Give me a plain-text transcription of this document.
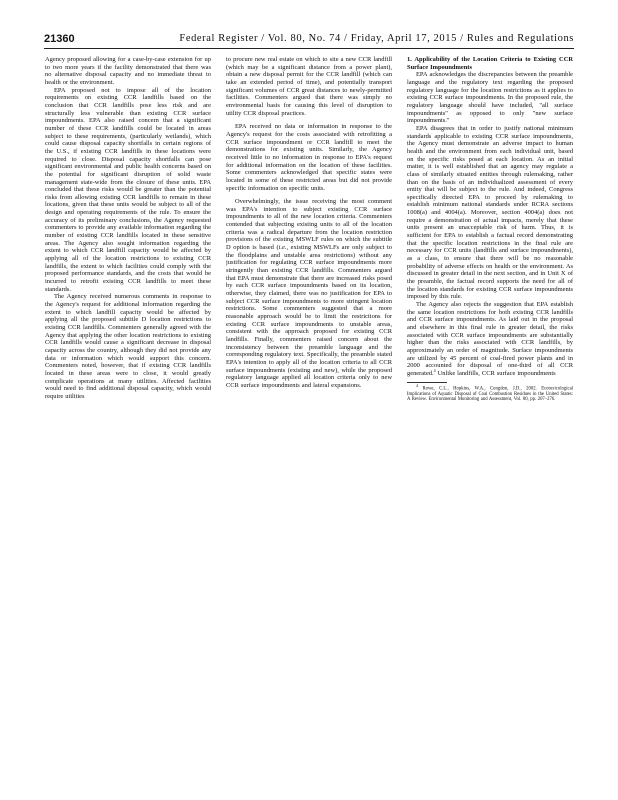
21360	Federal Register / Vol. 80, No. 74 / Friday, April 17, 2015 / Rules and Regulations

Agency proposed allowing for a case-by-case extension for up to two more years if the facility demonstrated that there was no alternative disposal capacity and no immediate threat to health or the environment.

EPA proposed not to impose all of the location requirements on existing CCR landfills based on the conclusion that CCR landfills pose less risk and are structurally less vulnerable than existing CCR surface impoundments. EPA also raised concern that a significant number of these CCR landfills could be located in areas subject to these requirements, (particularly wetlands), which could cause disposal capacity shortfalls in certain regions of the U.S., if existing CCR landfills in these locations were required to close. Disposal capacity shortfalls can pose significant environmental and public health concerns based on the potential for significant disruption of solid waste management state-wide from the closure of these units. EPA concluded that these risks would be greater than the potential risks from allowing existing CCR landfills to remain in these locations, given that these units would be subject to all of the design and operating requirements of the rule. To ensure the accuracy of its preliminary conclusions, the Agency requested commenters to provide any available information regarding the number of existing CCR landfills located in these sensitive areas. The Agency also sought information regarding the extent to which CCR landfill capacity would be affected by applying all of the location restrictions to existing CCR landfills, the extent to which facilities could comply with the proposed performance standards, and the costs that would be incurred to retrofit existing CCR landfills to meet these standards.

The Agency received numerous comments in response to the Agency's request for additional information regarding the extent to which landfill capacity would be affected by applying all the proposed subtitle D location restrictions to existing CCR landfills. Commenters generally agreed with the Agency that applying the other location restrictions to existing CCR landfills would cause a significant decrease in disposal capacity across the country, although they did not provide any data or information which would support this concern. Commenters noted, however, that if existing CCR landfills located in these areas were to close, it would greatly complicate operations at many utilities. Affected facilities would need to find additional disposal capacity, which would require utilities

to procure new real estate on which to site a new CCR landfill (which may be a significant distance from a power plant), obtain a new disposal permit for the CCR landfill (which can take an extended period of time), and potentially transport significant volumes of CCR great distances to newly-permitted facilities. Commenters argued that there was simply no environmental basis for causing this level of disruption to utility CCR disposal practices.

EPA received no data or information in response to the Agency's request for the costs associated with retrofitting a CCR surface impoundment or CCR landfill to meet the demonstrations for existing units. Similarly, the Agency received little to no information in response to EPA's request for additional information on the location of these facilities. Some commenters acknowledged that specific states were located in some of these restricted areas but did not provide specific information on specific units.

Overwhelmingly, the issue receiving the most comment was EPA's intention to subject existing CCR surface impoundments to all of the new location criteria. Commenters contended that subjecting existing units to all of the location criteria was a radical departure from the location restriction provisions of the existing MSWLF rules on which the subtitle D option is based (i.e., existing MSWLFs are only subject to the floodplains and unstable area restrictions) without any justification for regulating CCR surface impoundments more stringently than existing CCR landfills. Commenters argued that EPA must demonstrate that there are increased risks posed by each CCR surface impoundments based on its location, otherwise, they claimed, there was no justification for EPA to subject CCR surface impoundments to more stringent location restrictions. Some commenters suggested that a more reasonable approach would be to limit the restrictions for existing CCR surface impoundments to unstable areas, consistent with the approach proposed for existing CCR landfills. Finally, commenters raised concern about the inconsistency between the preamble language and the corresponding regulatory text. Specifically, the preamble stated EPA's intention to apply all of the location criteria to all CCR surface impoundments (existing and new), while the proposed regulatory language applied all location criteria only to new CCR surface impoundments and lateral expansions.

1. Applicability of the Location Criteria to Existing CCR Surface Impoundments

EPA acknowledges the discrepancies between the preamble language and the regulatory text regarding the proposed regulatory language for the location restrictions as it applies to existing CCR surface impoundments. In the proposed rule, the regulatory language should have included, "all surface impoundments" as opposed to only "new surface impoundments."

EPA disagrees that in order to justify national minimum standards applicable to existing CCR surface impoundments, the Agency must demonstrate an adverse impact to human health and the environment from each individual unit, based on the specific risks posed at each location. As an initial matter, it is well established that an agency may regulate a class of similarly situated entities through rulemaking, rather than on the basis of an individualized assessment of every entity that will be subject to the rule. And indeed, Congress specifically directed EPA to proceed by rulemaking to establish minimum national standards under RCRA sections 1008(a) and 4004(a). Moreover, section 4004(a) does not require a demonstration of actual impacts, merely that these units present an unacceptable risk of harm. Thus, it is sufficient for EPA to establish a factual record demonstrating that the specific location restrictions in the final rule are necessary for CCR units (landfills and surface impoundments), as a class, to ensure that there will be no reasonable probability of adverse effects on health or the environment. As discussed in greater detail in the next section, and in Unit X of the preamble, the factual record supports the need for all of the location standards for existing CCR surface impoundments imposed by this rule.

The Agency also rejects the suggestion that EPA establish the same location restrictions for both existing CCR landfills and CCR surface impoundments. As laid out in the proposal and elsewhere in this final rule in greater detail, the risks associated with CCR surface impoundments are substantially higher than the risks associated with CCR landfills, by approximately an order of magnitude. Surface impoundments are utilized by 45 percent of coal-fired power plants and in 2000 accounted for disposal of one-third of all CCR generated.$^4$ Unlike landfills, CCR surface impoundments

4 Rowe, C.L., Hopkins, W.A., Congdon, J.D., 2002. Ecotoxicological Implications of Aquatic Disposal of Coal Combustion Residues in the United States: A Review. Environmental Monitoring and Assessment, Vol. 80, pp. 207–276.
